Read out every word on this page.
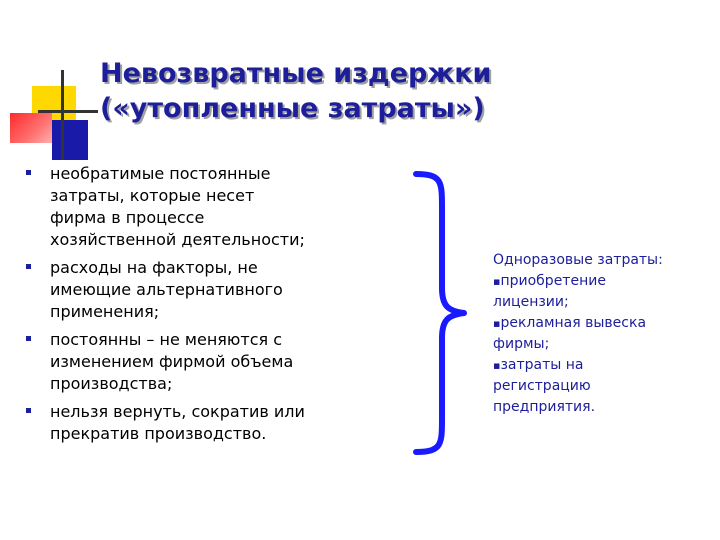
Невозвратные издержки
(«утопленные затраты»)
необратимые постоянные
затраты, которые несет
фирма в процессе
хозяйственной деятельности;
расходы на факторы, не
имеющие альтернативного
применения;
постоянны – не меняются с
изменением фирмой объема
производства;
нельзя вернуть, сократив или
прекратив производство.
Одноразовые затраты:
▪ приобретение
лицензии;
▪ рекламная вывеска
фирмы;
▪ затраты на
регистрацию
предприятия.
